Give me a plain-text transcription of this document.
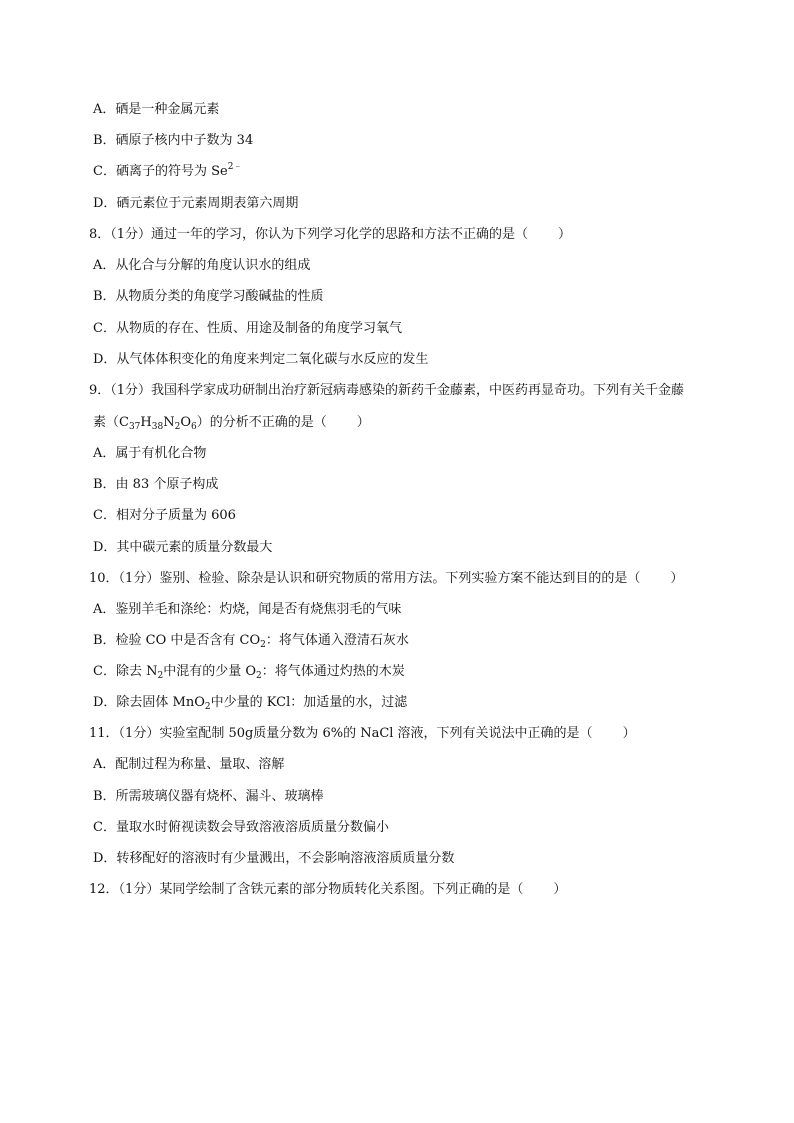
A．硒是一种金属元素
B．硒原子核内中子数为 34
C．硒离子的符号为 $Se^{2﹣}$
D．硒元素位于元素周期表第六周期
8．（1分）通过一年的学习，你认为下列学习化学的思路和方法不正确的是（ ）
A．从化合与分解的角度认识水的组成
B．从物质分类的角度学习酸碱盐的性质
C．从物质的存在、性质、用途及制备的角度学习氧气
D．从气体体积变化的角度来判定二氧化碳与水反应的发生
9．（1分）我国科学家成功研制出治疗新冠病毒感染的新药千金藤素，中医药再显奇功。下列有关千金藤
素$(C_{37}H_{38}N_2O_6)$的分析不正确的是（ ）
A．属于有机化合物
B．由 83 个原子构成
C．相对分子质量为 606
D．其中碳元素的质量分数最大
10．（1分）鉴别、检验、除杂是认识和研究物质的常用方法。下列实验方案不能达到目的的是（ ）
A．鉴别羊毛和涤纶：灼烧，闻是否有烧焦羽毛的气味
B．检验 CO 中是否含有 $CO_2$：将气体通入澄清石灰水
C．除去 $N_2$中混有的少量 $O_2$：将气体通过灼热的木炭
D．除去固体 MnO$_2$中少量的 KCl：加适量的水，过滤
11．（1分）实验室配制 50g质量分数为 6%的 NaCl 溶液，下列有关说法中正确的是（ ）
A．配制过程为称量、量取、溶解
B．所需玻璃仪器有烧杯、漏斗、玻璃棒
C．量取水时俯视读数会导致溶液溶质质量分数偏小
D．转移配好的溶液时有少量溅出，不会影响溶液溶质质量分数
12．（1分）某同学绘制了含铁元素的部分物质转化关系图。下列正确的是（ ）
